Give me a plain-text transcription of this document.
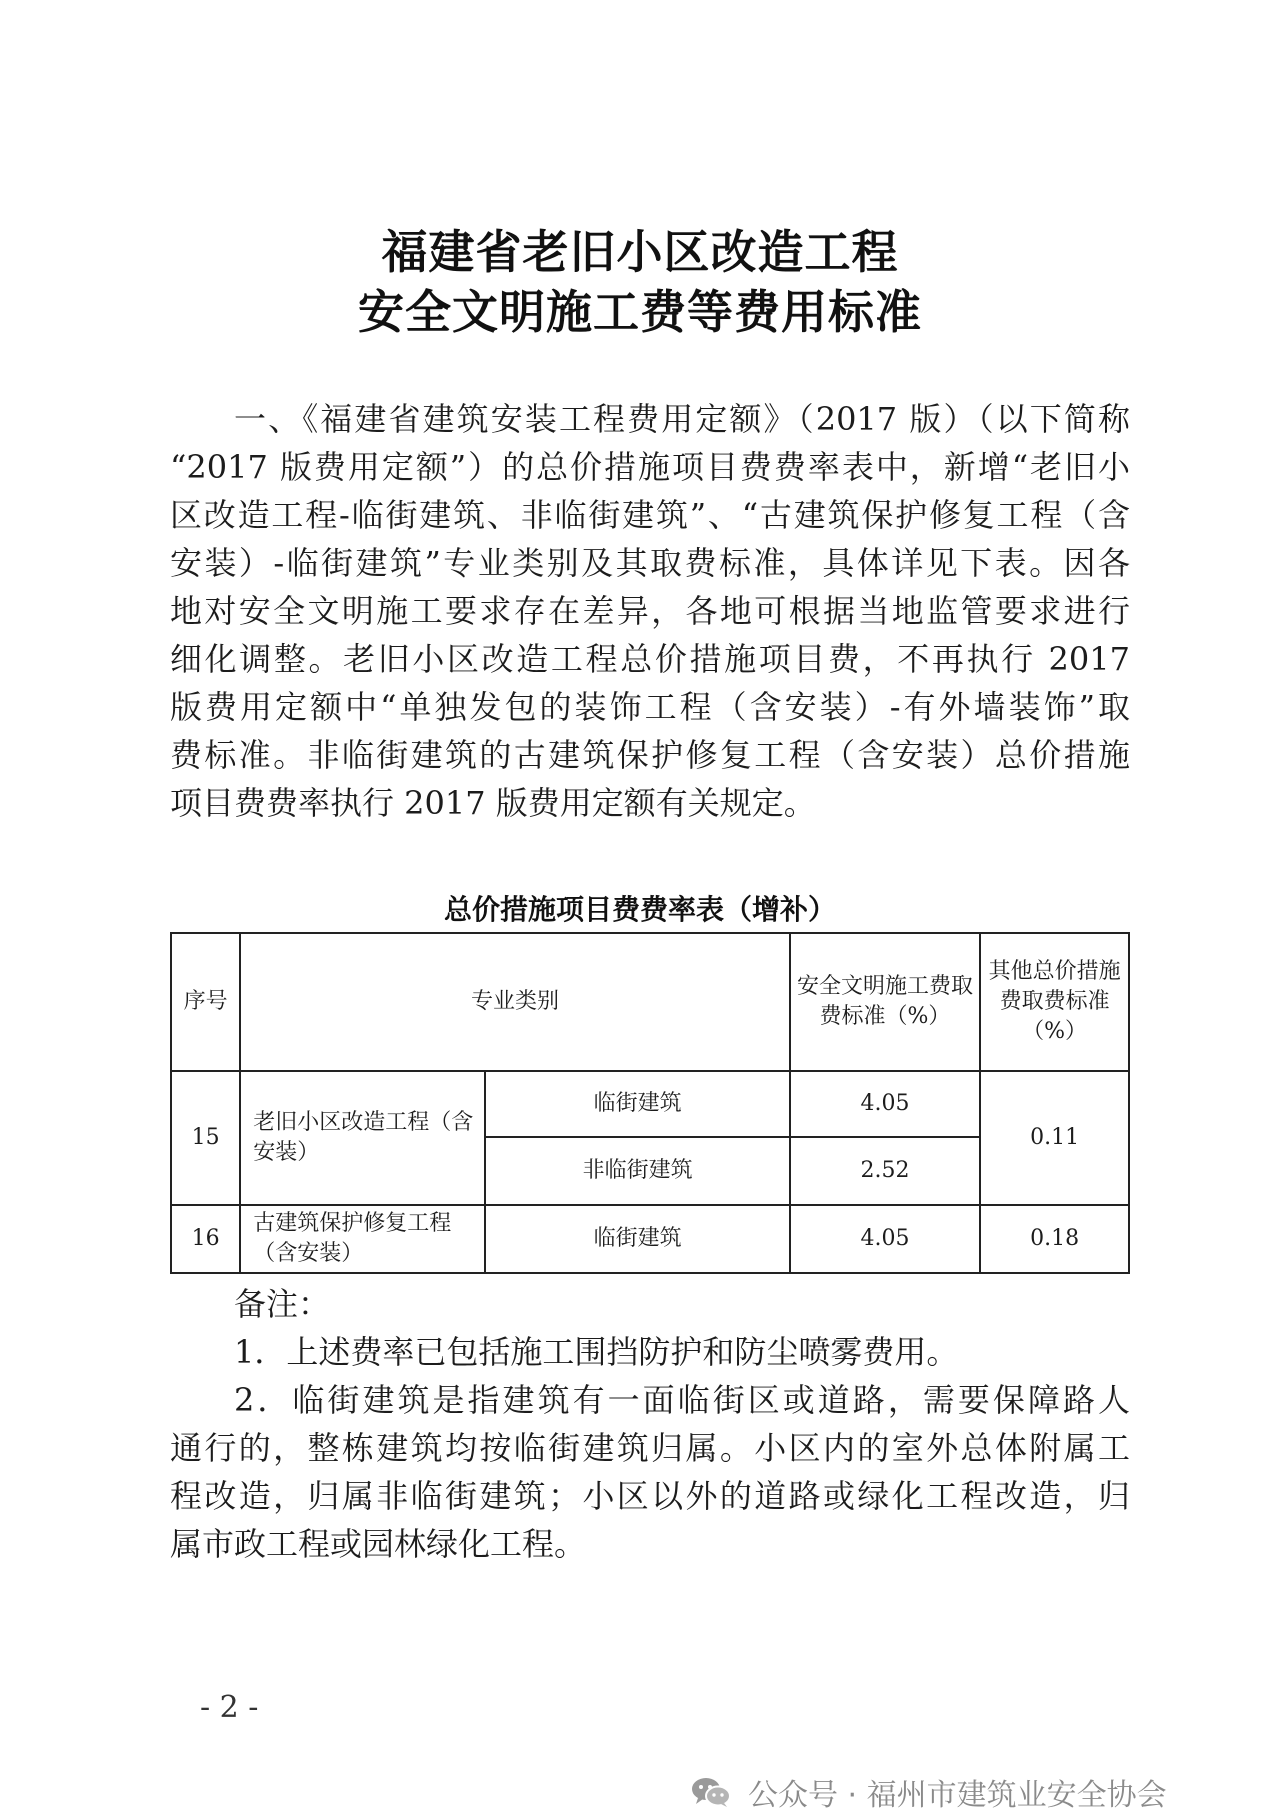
福建省老旧小区改造工程
安全文明施工费等费用标准
一、《福建省建筑安装工程费用定额》（2017 版）（以下简称
“2017 版费用定额”）的总价措施项目费费率表中，新增“老旧小
区改造工程-临街建筑、非临街建筑”、“古建筑保护修复工程（含
安装）-临街建筑”专业类别及其取费标准，具体详见下表。因各
地对安全文明施工要求存在差异，各地可根据当地监管要求进行
细化调整。老旧小区改造工程总价措施项目费，不再执行 2017
版费用定额中“单独发包的装饰工程（含安装）-有外墙装饰”取
费标准。非临街建筑的古建筑保护修复工程（含安装）总价措施
项目费费率执行 2017 版费用定额有关规定。
总价措施项目费费率表（增补）
序号	专业类别		安全文明施工费取费标准（%）	其他总价措施费取费标准（%）
15	老旧小区改造工程（含安装）	临街建筑	4.05	0.11
		非临街建筑	2.52	
16	古建筑保护修复工程（含安装）	临街建筑	4.05	0.18
备注：
1．上述费率已包括施工围挡防护和防尘喷雾费用。
2．临街建筑是指建筑有一面临街区或道路，需要保障路人
通行的，整栋建筑均按临街建筑归属。小区内的室外总体附属工
程改造，归属非临街建筑；小区以外的道路或绿化工程改造，归
属市政工程或园林绿化工程。
- 2 -
公众号 · 福州市建筑业安全协会
